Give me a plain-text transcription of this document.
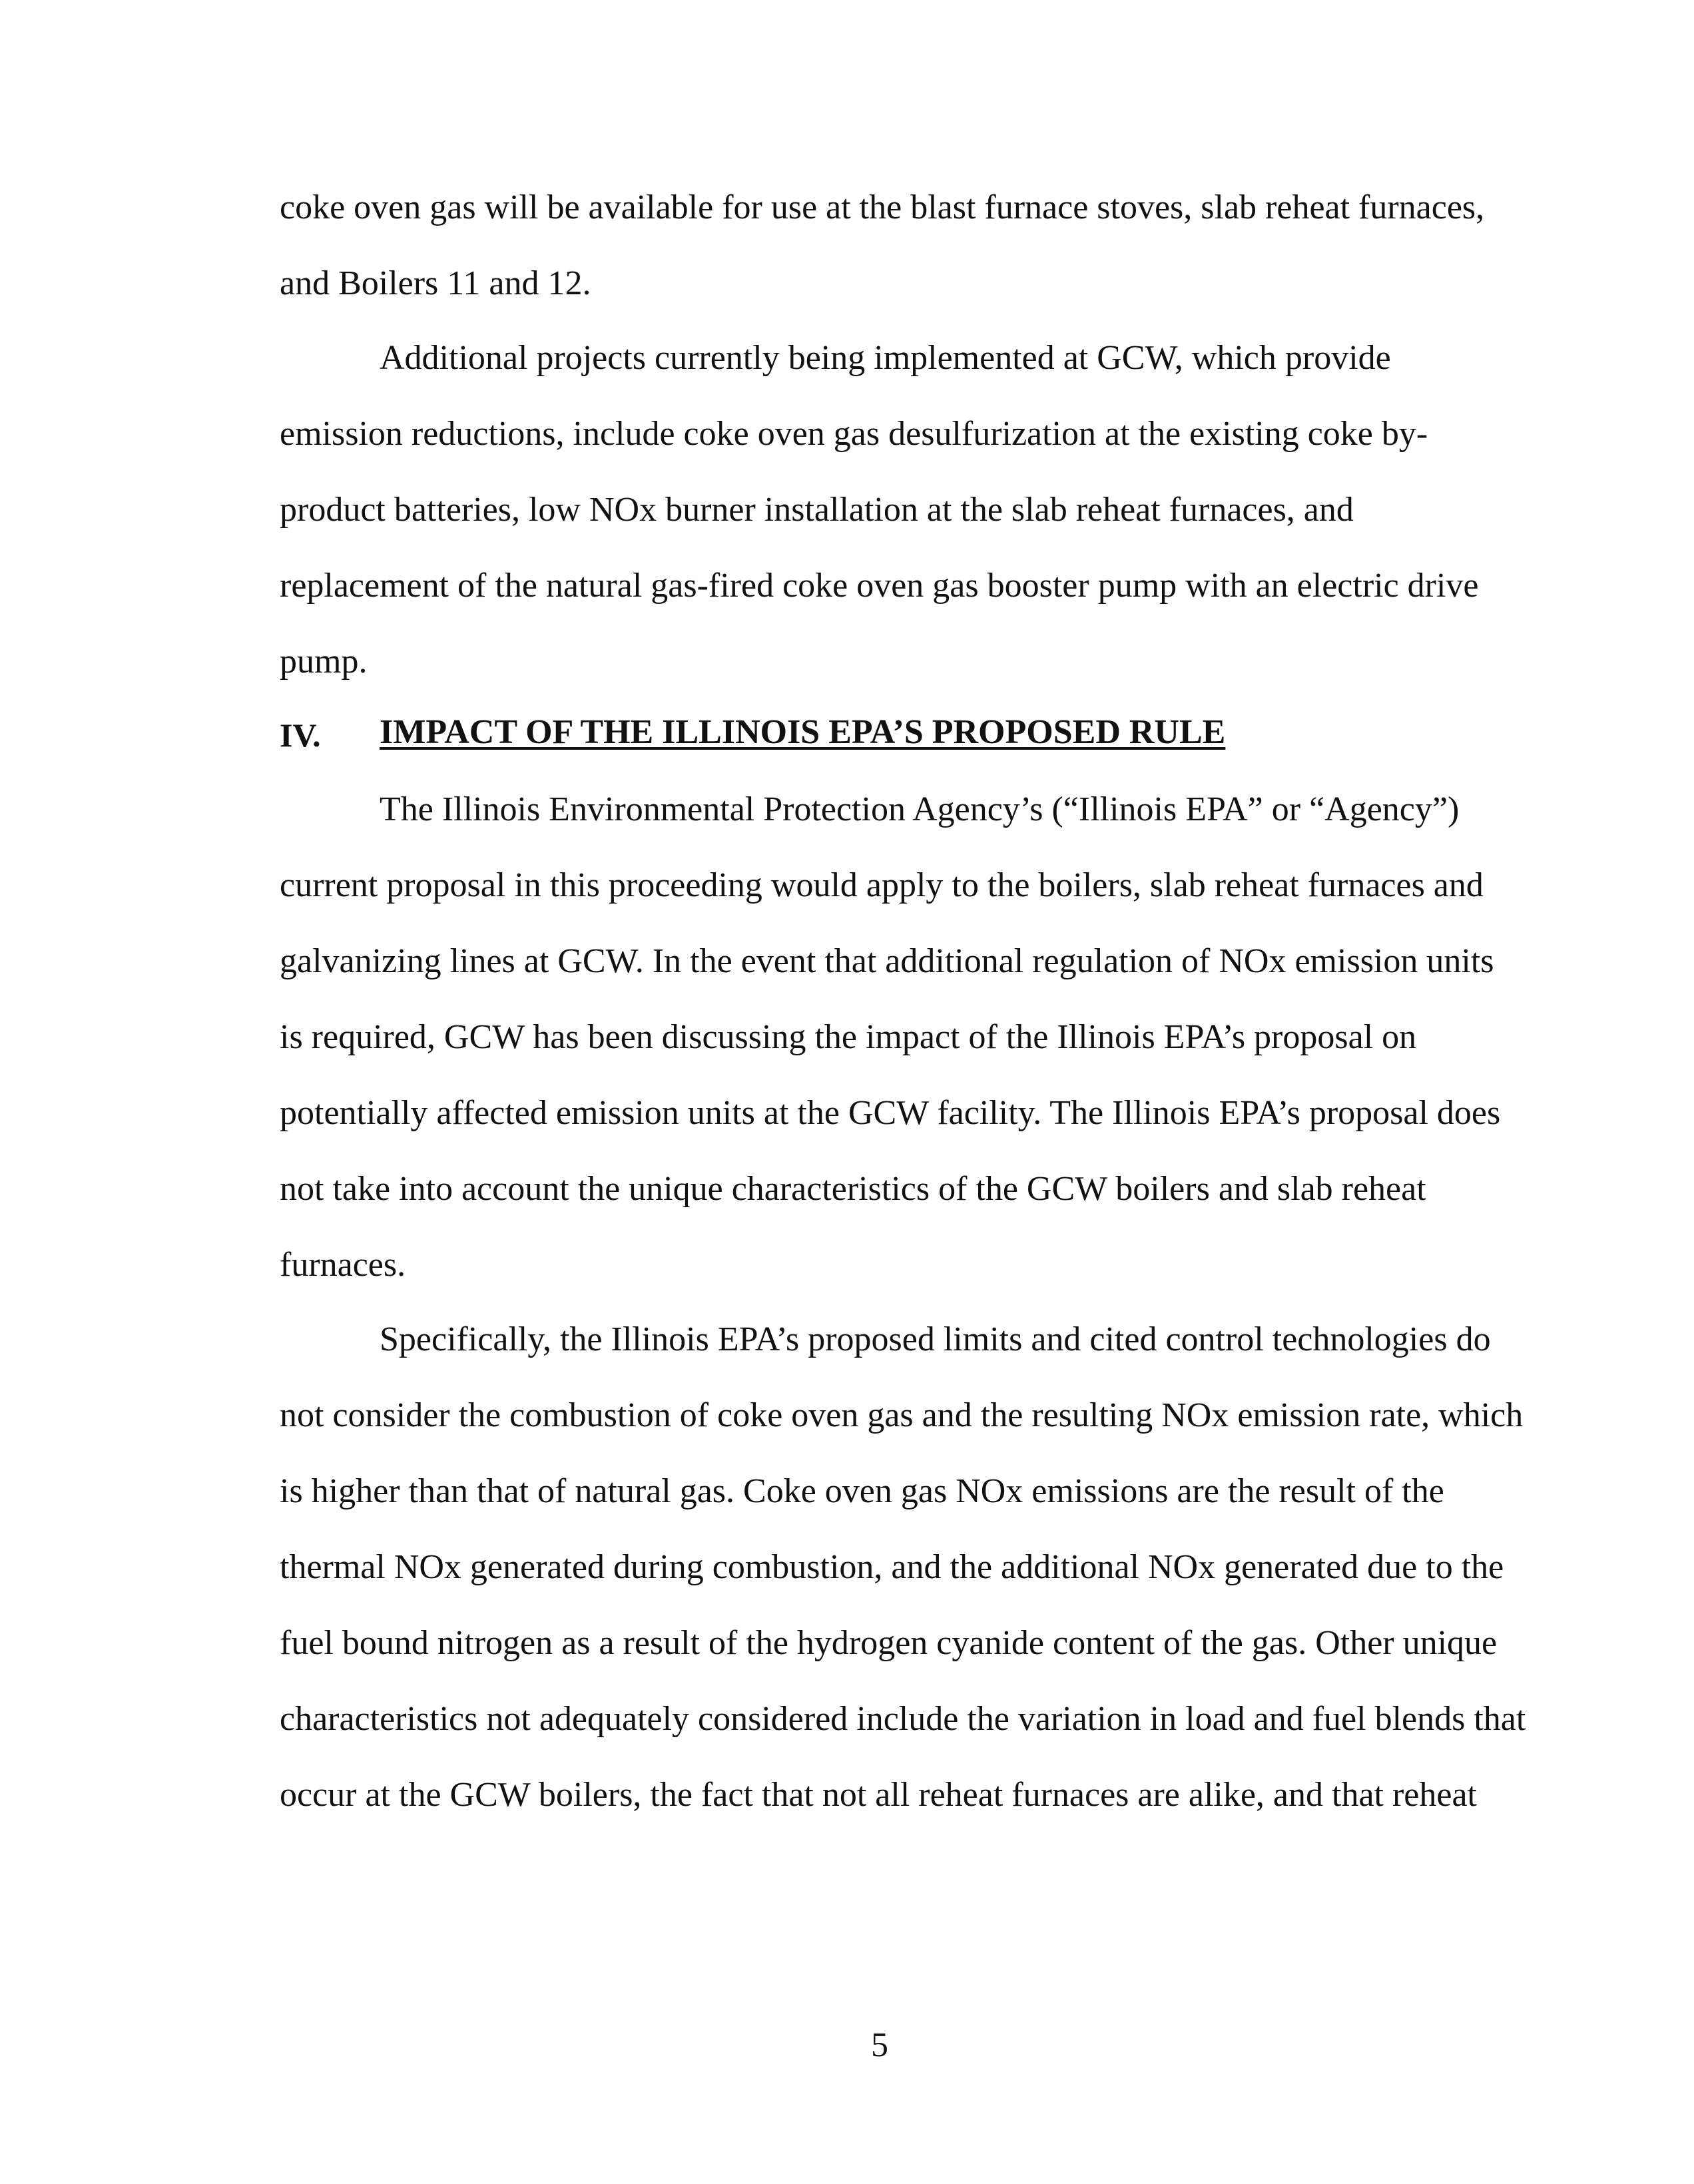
coke oven gas will be available for use at the blast furnace stoves, slab reheat furnaces,
and Boilers 11 and 12.
Additional projects currently being implemented at GCW, which provide
emission reductions, include coke oven gas desulfurization at the existing coke by-
product batteries, low NOx burner installation at the slab reheat furnaces, and
replacement of the natural gas-fired coke oven gas booster pump with an electric drive
pump.
IV. IMPACT OF THE ILLINOIS EPA’S PROPOSED RULE
The Illinois Environmental Protection Agency’s (“Illinois EPA” or “Agency”)
current proposal in this proceeding would apply to the boilers, slab reheat furnaces and
galvanizing lines at GCW. In the event that additional regulation of NOx emission units
is required, GCW has been discussing the impact of the Illinois EPA’s proposal on
potentially affected emission units at the GCW facility. The Illinois EPA’s proposal does
not take into account the unique characteristics of the GCW boilers and slab reheat
furnaces.
Specifically, the Illinois EPA’s proposed limits and cited control technologies do
not consider the combustion of coke oven gas and the resulting NOx emission rate, which
is higher than that of natural gas. Coke oven gas NOx emissions are the result of the
thermal NOx generated during combustion, and the additional NOx generated due to the
fuel bound nitrogen as a result of the hydrogen cyanide content of the gas. Other unique
characteristics not adequately considered include the variation in load and fuel blends that
occur at the GCW boilers, the fact that not all reheat furnaces are alike, and that reheat
5
